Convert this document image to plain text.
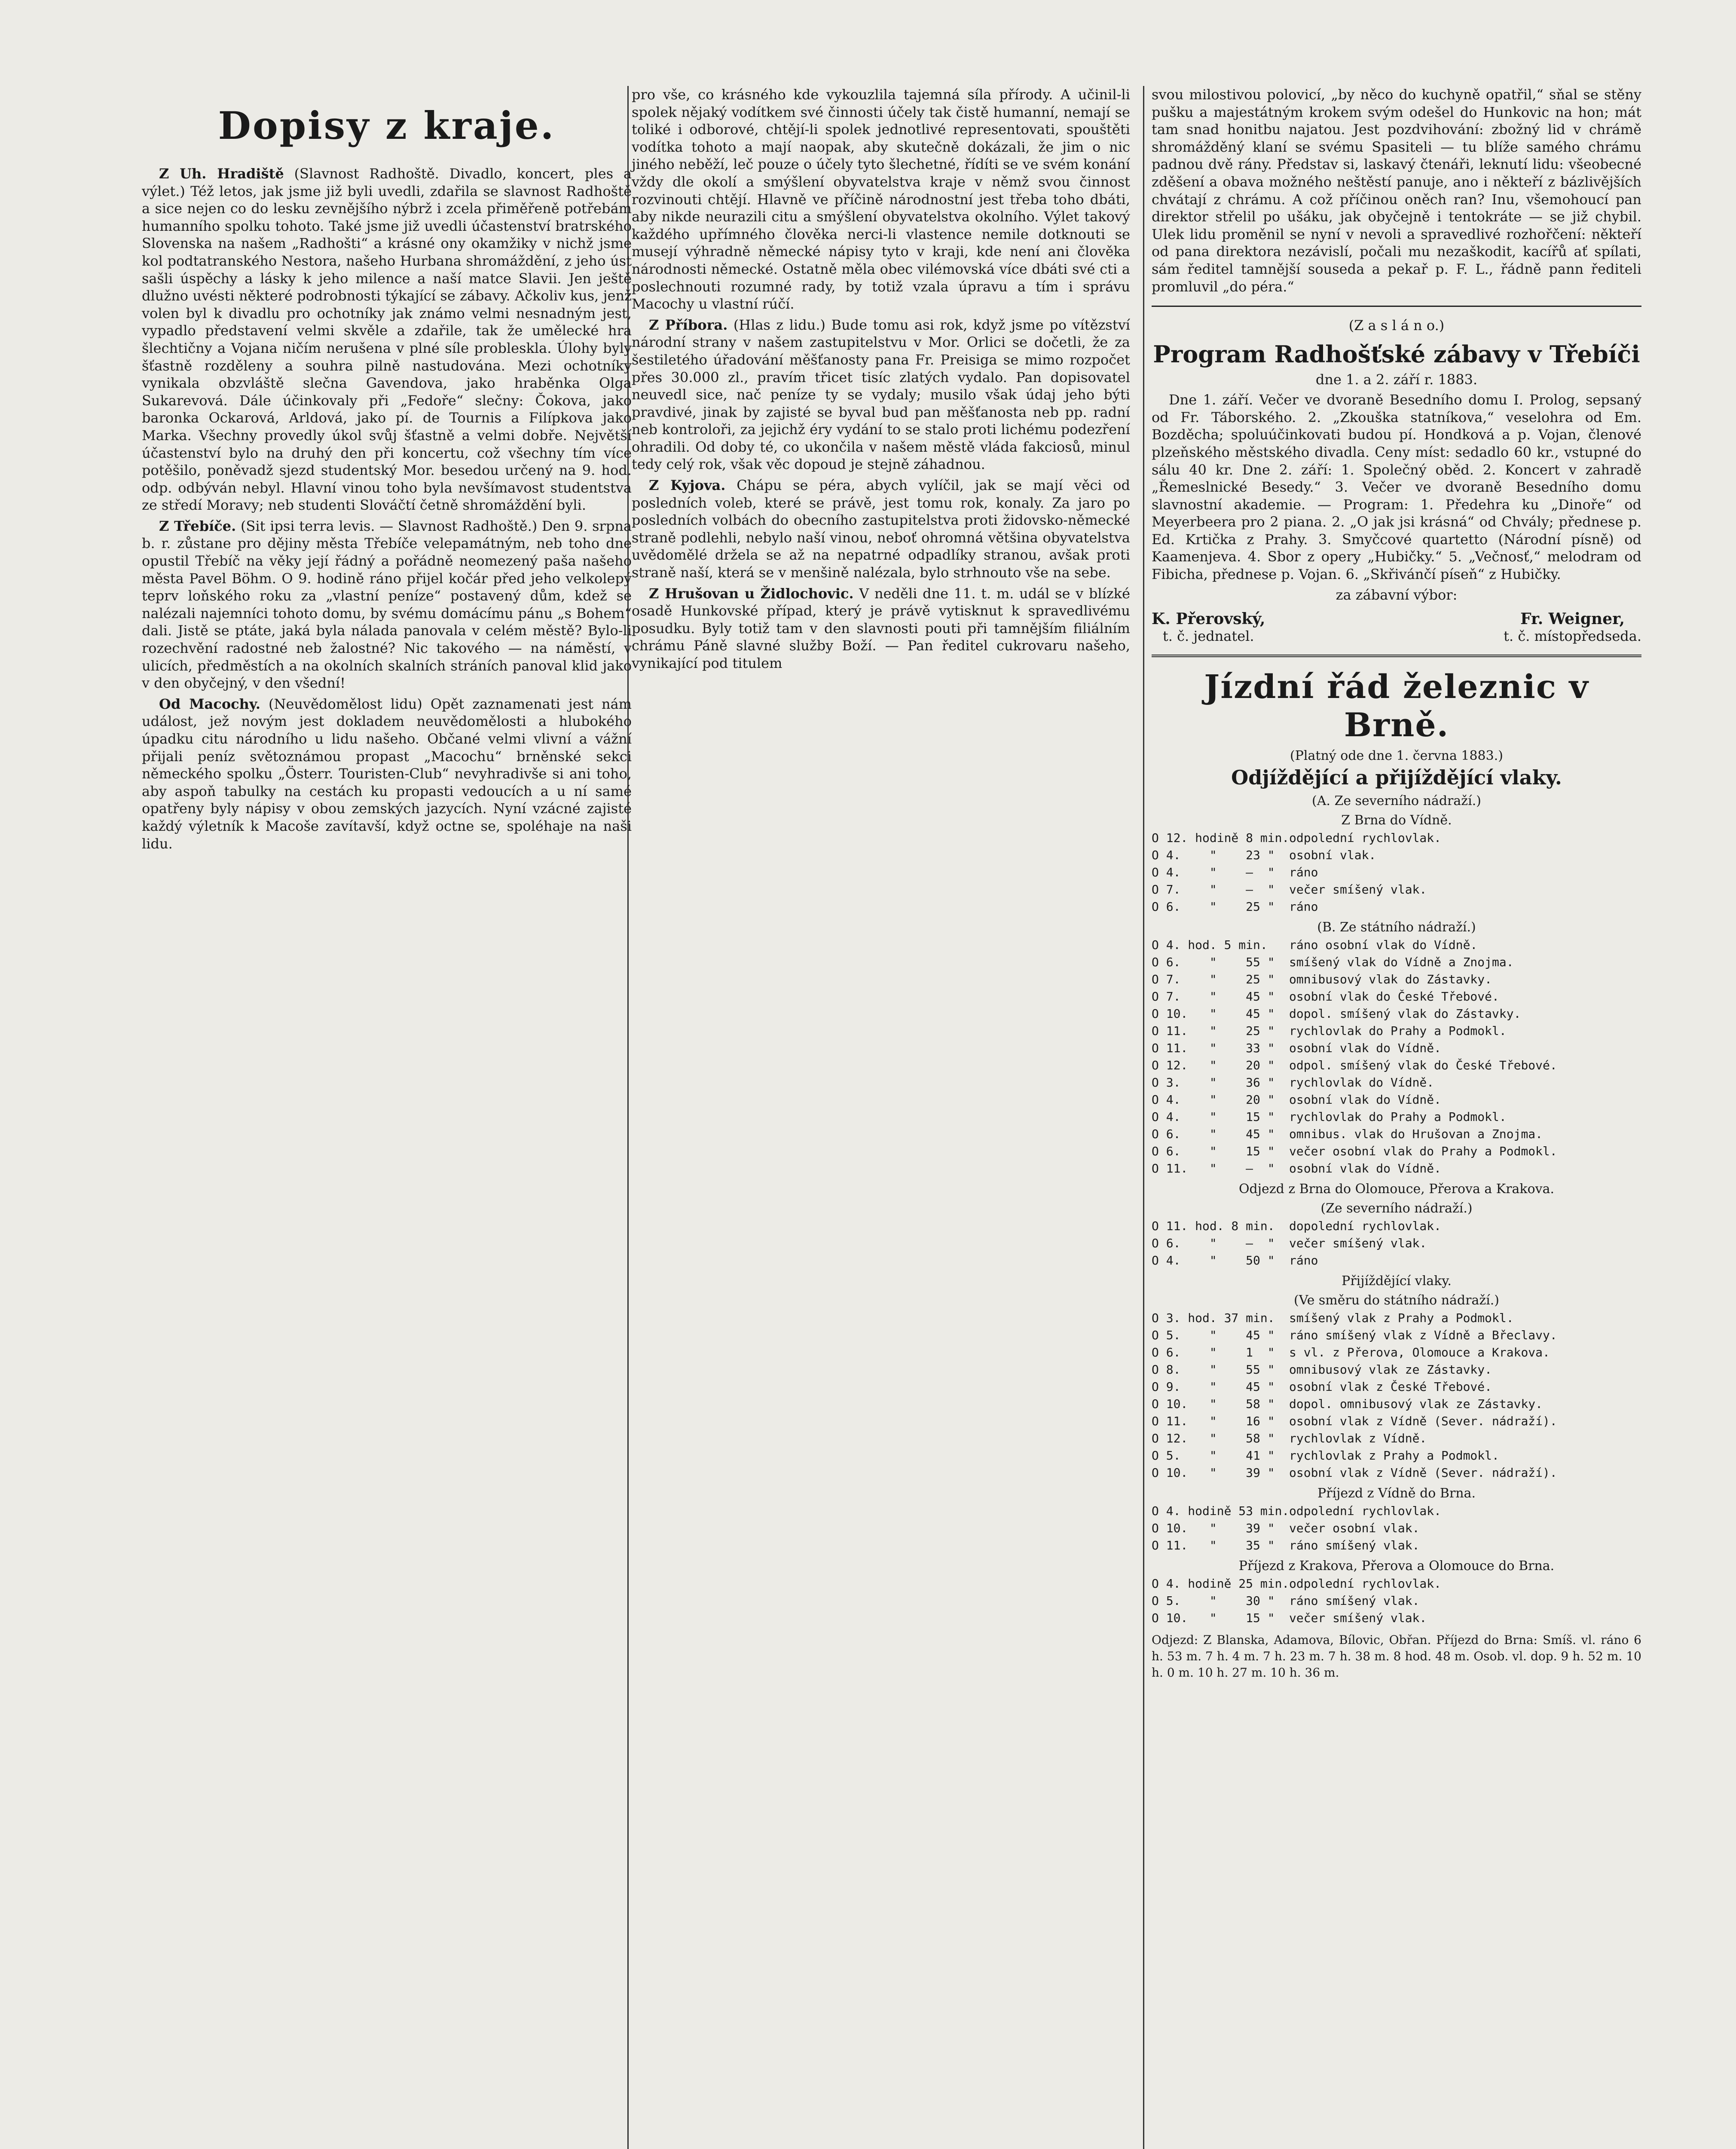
Dopisy z kraje.

Z Uh. Hradiště (Slavnost Radhoště. Divadlo, koncert, ples a výlet.) Též letos, jak jsme již byli uvedli, zdařila se slavnost Radhoště a sice nejen co do lesku zevnějšího nýbrž i zcela přiměřeně potřebám humanního spolku tohoto. Také jsme již uvedli účastenství bratrského Slovenska na našem „Radhošti“ a krásné ony okamžiky v nichž jsme kol podtatranského Nestora, našeho Hurbana shromáždění, z jeho úst sašli úspěchy a lásky k jeho milence a naší matce Slavii. Jen ještě dlužno uvésti některé podrobnosti týkající se zábavy. Ačkoliv kus, jenž volen byl k divadlu pro ochotníky jak známo velmi nesnadným jest, vypadlo představení velmi skvěle a zdařile, tak že umělecké hra šlechtičny a Vojana ničím nerušena v plné síle probleskla. Úlohy byly šťastně rozděleny a souhra pilně nastudována. Mezi ochotníky vynikala obzvláště slečna Gavendova, jako hraběnka Olga Sukarevová. Dále účinkovaly při „Fedoře“ slečny: Čokova, jako baronka Ockarová, Arldová, jako pí. de Tournis a Filípkova jako Marka. Všechny provedly úkol svůj šťastně a velmi dobře. Největší účastenství bylo na druhý den při koncertu, což všechny tím více potěšilo, poněvadž sjezd studentský Mor. besedou určený na 9. hod. odp. odbýván nebyl. Hlavní vinou toho byla nevšímavost studentstva ze středí Moravy; neb studenti Slováčtí četně shromáždění byli.

Z Třebíče. (Sit ipsi terra levis. — Slavnost Radhoště.) Den 9. srpna b. r. zůstane pro dějiny města Třebíče velepamátným, neb toho dne opustil Třebíč na věky její řádný a pořádně neomezený paša našeho města Pavel Böhm. O 9. hodině ráno přijel kočár před jeho velkolepý teprv loňského roku za „vlastní peníze“ postavený dům, kdež se nalézali najemníci tohoto domu, by svému domácímu pánu „s Bohem“ dali. Jistě se ptáte, jaká byla nálada panovala v celém městě? Bylo-li rozechvění radostné neb žalostné? Nic takového — na náměstí, v ulicích, předměstích a na okolních skalních stráních panoval klid jako v den obyčejný, v den všední!

Od Macochy. (Neuvědomělost lidu) Opět zaznamenati jest nám událost, jež novým jest dokladem neuvědomělosti a hlubokého úpadku citu národního u lidu našeho. Občané velmi vlivní a vážní přijali peníz světoznámou propast „Macochu“ brněnské sekci německého spolku „Österr. Touristen-Club“ nevyhradivše si ani toho, aby aspoň tabulky na cestách ku propasti vedoucích a u ní samé opatřeny byly nápisy v obou zemských jazycích. Nyní vzácné zajisté každý výletník k Macoše zavítavší, když octne se, spoléhaje na naši lidu.

pro vše, co krásného kde vykouzlila tajemná síla přírody. A učinil-li spolek nějaký vodítkem své činnosti účely tak čistě humanní, nemají se toliké i odborové, chtějí-li spolek jednotlivé representovati, spouštěti vodítka tohoto a mají naopak, aby skutečně dokázali, že jim o nic jiného neběží, leč pouze o účely tyto šlechetné, řídíti se ve svém konání vždy dle okolí a smýšlení obyvatelstva kraje v němž svou činnost rozvinouti chtějí. Hlavně ve příčině národnostní jest třeba toho dbáti, aby nikde neurazili citu a smýšlení obyvatelstva okolního. Výlet takový každého upřímného člověka nerci-li vlastence nemile dotknouti se musejí výhradně německé nápisy tyto v kraji, kde není ani člověka národnosti německé. Ostatně měla obec vilémovská více dbáti své cti a poslechnouti rozumné rady, by totiž vzala úpravu a tím i správu Macochy u vlastní rúčí.

Z Příbora. (Hlas z lidu.) Bude tomu asi rok, když jsme po vítězství národní strany v našem zastupitelstvu v Mor. Orlici se dočetli, že za šestiletého úřadování měšťanosty pana Fr. Preisiga se mimo rozpočet přes 30.000 zl., pravím třicet tisíc zlatých vydalo. Pan dopisovatel neuvedl sice, nač peníze ty se vydaly; musilo však údaj jeho býti pravdivé, jinak by zajisté se byval bud pan měšťanosta neb pp. radní neb kontroloři, za jejichž éry vydání to se stalo proti lichému podezření ohradili. Od doby té, co ukončila v našem městě vláda fakciosů, minul tedy celý rok, však věc dopoud je stejně záhadnou.

Z Kyjova. Chápu se péra, abych vylíčil, jak se mají věci od posledních voleb, které se právě, jest tomu rok, konaly. Za jaro po posledních volbách do obecního zastupitelstva proti židovsko-německé straně podlehli, nebylo naší vinou, neboť ohromná většina obyvatelstva uvědomělé držela se až na nepatrné odpadlíky stranou, avšak proti straně naší, která se v menšině nalézala, bylo strhnouto vše na sebe.

Z Hrušovan u Židlochovic. V neděli dne 11. t. m. udál se v blízké osadě Hunkovské případ, který je právě vytisknut k spravedlivému posudku. Byly totiž tam v den slavnosti pouti při tamnějším filiálním chrámu Páně slavné služby Boží. — Pan ředitel cukrovaru našeho, vynikající pod titulem

svou milostivou polovicí, „by něco do kuchyně opatřil,“ sňal se stěny pušku a majestátným krokem svým odešel do Hunkovic na hon; mát tam snad honitbu najatou. Jest pozdvihování: zbožný lid v chrámě shromážděný klaní se svému Spasiteli — tu blíže samého chrámu padnou dvě rány. Představ si, laskavý čtenáři, leknutí lidu: všeobecné zděšení a obava možného neštěstí panuje, ano i někteří z bázlivějších chvátají z chrámu. A což příčinou oněch ran? Inu, všemohoucí pan direktor střelil po ušáku, jak obyčejně i tentokráte — se již chybil. Ulek lidu proměnil se nyní v nevoli a spravedlivé rozhořčení: někteří od pana direktora nezávislí, počali mu nezaškodit, kacířů ať spílati, sám ředitel tamnější souseda a pekař p. F. L., řádně pann řediteli promluvil „do péra.“

(Z a s l á n o.)
Program Radhošťské zábavy v Třebíči
dne 1. a 2. září r. 1883.

Dne 1. září. Večer ve dvoraně Besedního domu I. Prolog, sepsaný od Fr. Táborského. 2. „Zkouška statníkova,“ veselohra od Em. Bozděcha; spoluúčinkovati budou pí. Hondková a p. Vojan, členové plzeňského městského divadla. Ceny míst: sedadlo 60 kr., vstupné do sálu 40 kr. Dne 2. září: 1. Společný oběd. 2. Koncert v zahradě „Řemeslnické Besedy.“ 3. Večer ve dvoraně Besedního domu slavnostní akademie. — Program: 1. Předehra ku „Dinoře“ od Meyerbeera pro 2 piana. 2. „O jak jsi krásná“ od Chvály; přednese p. Ed. Krtička z Prahy. 3. Smyčcové quartetto (Národní písně) od Kaamenjeva. 4. Sbor z opery „Hubičky.“ 5. „Večnosť,“ melodram od Fibicha, přednese p. Vojan. 6. „Skřivánčí píseň“ z Hubičky.

za zábavní výbor:
K. Přerovský,
t. č. jednatel.
Fr. Weigner,
t. č. místopředseda.
Jízdní řád železnic v Brně.
(Platný ode dne 1. června 1883.)
Odjíždějící a přijíždějící vlaky.
(A. Ze severního nádraží.)
Z Brna do Vídně.
O 12. hodině 8 min. odpolední rychlovlak.
O 4.    "    23 "	osobní vlak.
O 4.    "    —  "	ráno
O 7.    "    —  "	večer smíšený vlak.
O 6.    "    25 "	ráno
(B. Ze státního nádraží.)
O 4. hod. 5 min.	ráno osobní vlak do Vídně.
O 6.    "    55 "	smíšený vlak do Vídně a Znojma.
O 7.    "    25 "	omnibusový vlak do Zástavky.
O 7.    "    45 "	osobní vlak do České Třebové.
O 10.   "    45 "	dopol. smíšený vlak do Zástavky.
O 11.   "    25 "	rychlovlak do Prahy a Podmokl.
O 11.   "    33 "	osobní vlak do Vídně.
O 12.   "    20 "	odpol. smíšený vlak do České Třebové.
O 3.    "    36 "	rychlovlak do Vídně.
O 4.    "    20 "	osobní vlak do Vídně.
O 4.    "    15 "	rychlovlak do Prahy a Podmokl.
O 6.    "    45 "	omnibus. vlak do Hrušovan a Znojma.
O 6.    "    15 "	večer osobní vlak do Prahy a Podmokl.
O 11.   "    —  "	osobní vlak do Vídně.
Odjezd z Brna do Olomouce, Přerova a Krakova.
(Ze severního nádraží.)
O 11. hod. 8 min.	dopolední rychlovlak.
O 6.    "    —  "	večer smíšený vlak.
O 4.    "    50 "	ráno
Přijíždějící vlaky.
(Ve směru do státního nádraží.)
O 3. hod. 37 min.	smíšený vlak z Prahy a Podmokl.
O 5.    "    45 "	ráno smíšený vlak z Vídně a Břeclavy.
O 6.    "    1  "	s vl. z Přerova, Olomouce a Krakova.
O 8.    "    55 "	omnibusový vlak ze Zástavky.
O 9.    "    45 "	osobní vlak z České Třebové.
O 10.   "    58 "	dopol. omnibusový vlak ze Zástavky.
O 11.   "    16 "	osobní vlak z Vídně (Sever. nádraží).
O 12.   "    58 "	rychlovlak z Vídně.
O 5.    "    41 "	rychlovlak z Prahy a Podmokl.
O 10.   "    39 "	osobní vlak z Vídně (Sever. nádraží).
Příjezd z Vídně do Brna.
O 4. hodině 53 min. odpolední rychlovlak.
O 10.   "    39 "	večer osobní vlak.
O 11.   "    35 "	ráno smíšený vlak.
Příjezd z Krakova, Přerova a Olomouce do Brna.
O 4. hodině 25 min. odpolední rychlovlak.
O 5.    "    30 "	ráno smíšený vlak.
O 10.   "    15 "	večer smíšený vlak.
Odjezd: Z Blanska, Adamova, Bílovic, Obřan. Příjezd do Brna: Smíš. vl. ráno 6 h. 53 m. 7 h. 4 m. 7 h. 23 m. 7 h. 38 m. 8 hod. 48 m. Osob. vl. dop. 9 h. 52 m. 10 h. 0 m. 10 h. 27 m. 10 h. 36 m.
